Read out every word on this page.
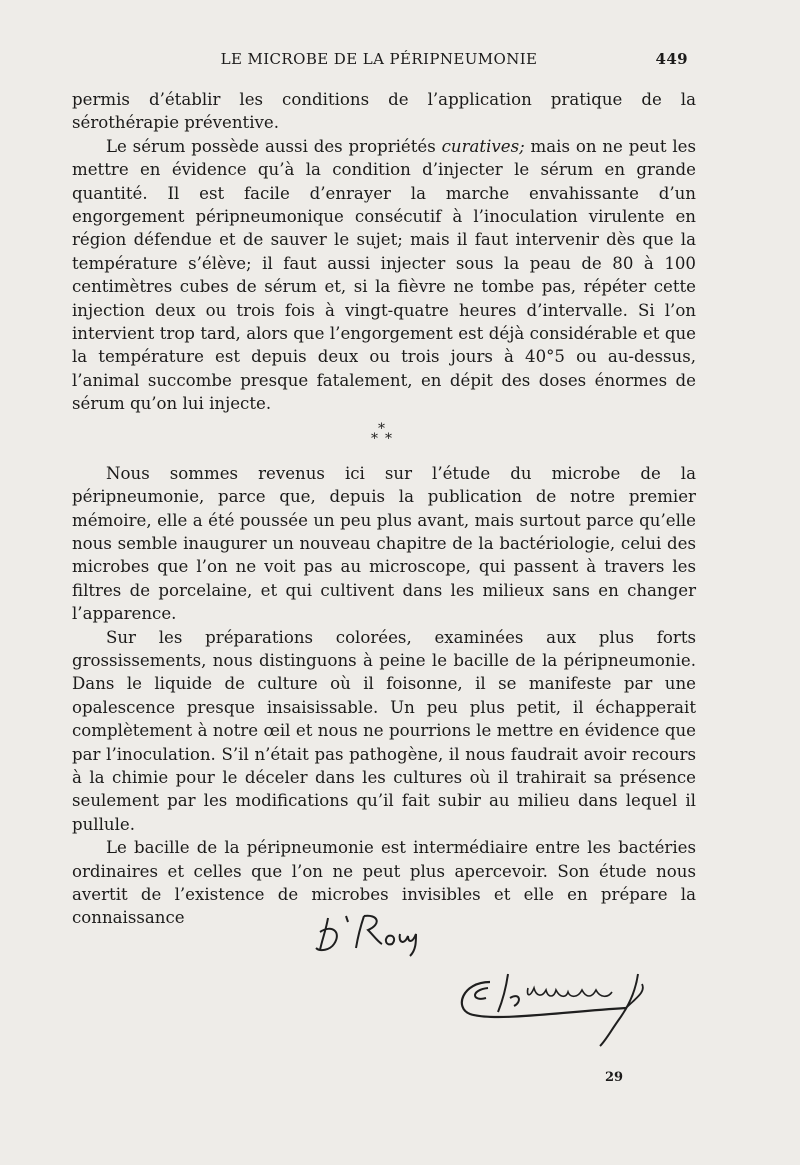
LE MICROBE DE LA PÉRIPNEUMONIE	449

permis d’établir les conditions de l’application pratique de la sérothérapie préventive.

Le sérum possède aussi des propriétés curatives; mais on ne peut les mettre en évidence qu’à la condition d’injecter le sérum en grande quantité. Il est facile d’enrayer la marche envahissante d’un engorgement péripneumonique consécutif à l’inoculation virulente en région défendue et de sauver le sujet; mais il faut intervenir dès que la température s’élève; il faut aussi injecter sous la peau de 80 à 100 centimètres cubes de sérum et, si la fièvre ne tombe pas, répéter cette injection deux ou trois fois à vingt-quatre heures d’intervalle. Si l’on intervient trop tard, alors que l’engorgement est déjà considérable et que la température est depuis deux ou trois jours à 40°5 ou au-dessus, l’animal succombe presque fatalement, en dépit des doses énormes de sérum qu’on lui injecte.

*
* *

Nous sommes revenus ici sur l’étude du microbe de la péripneumonie, parce que, depuis la publication de notre premier mémoire, elle a été poussée un peu plus avant, mais surtout parce qu’elle nous semble inaugurer un nouveau chapitre de la bactériologie, celui des microbes que l’on ne voit pas au microscope, qui passent à travers les filtres de porcelaine, et qui cultivent dans les milieux sans en changer l’apparence.

Sur les préparations colorées, examinées aux plus forts grossissements, nous distinguons à peine le bacille de la péripneumonie. Dans le liquide de culture où il foisonne, il se manifeste par une opalescence presque insaisissable. Un peu plus petit, il échapperait complètement à notre œil et nous ne pourrions le mettre en évidence que par l’inoculation. S’il n’était pas pathogène, il nous faudrait avoir recours à la chimie pour le déceler dans les cultures où il trahirait sa présence seulement par les modifications qu’il fait subir au milieu dans lequel il pullule.

Le bacille de la péripneumonie est intermédiaire entre les bactéries ordinaires et celles que l’on ne peut plus apercevoir. Son étude nous avertit de l’existence de microbes invisibles et elle en prépare la connaissance

29
